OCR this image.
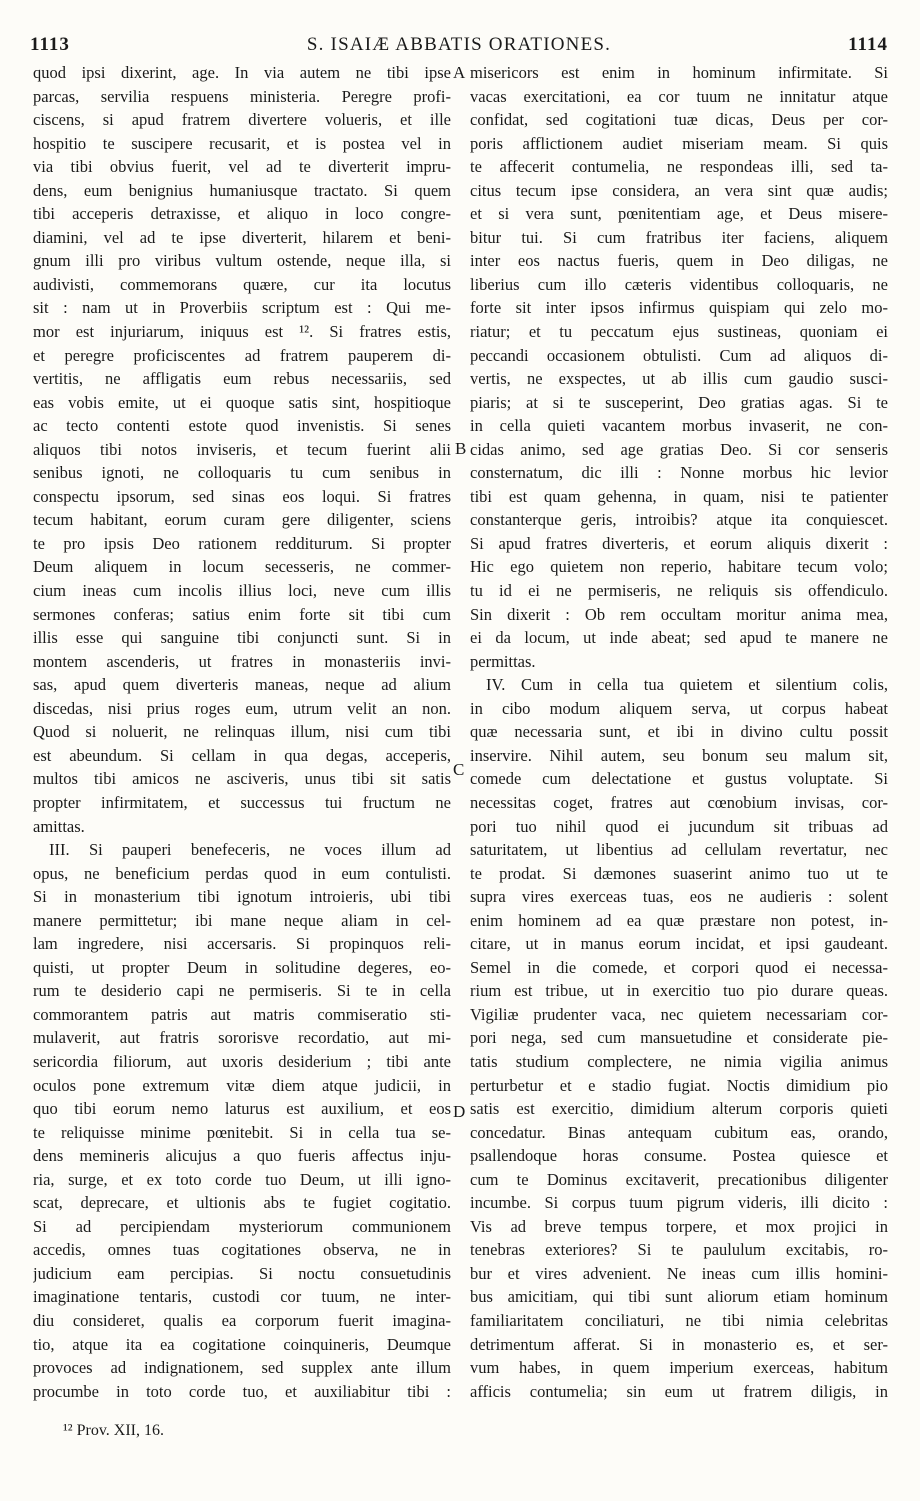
1113	S. ISAIÆ ABBATIS ORATIONES.	1114
quod ipsi dixerint, age. In via autem ne tibi ipse
parcas, servilia respuens ministeria. Peregre profi-
ciscens, si apud fratrem divertere volueris, et ille
hospitio te suscipere recusarit, et is postea vel in
via tibi obvius fuerit, vel ad te diverterit impru-
dens, eum benignius humaniusque tractato. Si quem
tibi acceperis detraxisse, et aliquo in loco congre-
diamini, vel ad te ipse diverterit, hilarem et beni-
gnum illi pro viribus vultum ostende, neque illa, si
audivisti, commemorans quære, cur ita locutus
sit : nam ut in Proverbiis scriptum est : Qui me-
mor est injuriarum, iniquus est ¹². Si fratres estis,
et peregre proficiscentes ad fratrem pauperem di-
vertitis, ne affligatis eum rebus necessariis, sed
eas vobis emite, ut ei quoque satis sint, hospitioque
ac tecto contenti estote quod invenistis. Si senes
aliquos tibi notos inviseris, et tecum fuerint alii
senibus ignoti, ne colloquaris tu cum senibus in
conspectu ipsorum, sed sinas eos loqui. Si fratres
tecum habitant, eorum curam gere diligenter, sciens
te pro ipsis Deo rationem redditurum. Si propter
Deum aliquem in locum secesseris, ne commer-
cium ineas cum incolis illius loci, neve cum illis
sermones conferas; satius enim forte sit tibi cum
illis esse qui sanguine tibi conjuncti sunt. Si in
montem ascenderis, ut fratres in monasteriis invi-
sas, apud quem diverteris maneas, neque ad alium
discedas, nisi prius roges eum, utrum velit an non.
Quod si noluerit, ne relinquas illum, nisi cum tibi
est abeundum. Si cellam in qua degas, acceperis,
multos tibi amicos ne asciveris, unus tibi sit satis
propter infirmitatem, et successus tui fructum ne
amittas.
III. Si pauperi benefeceris, ne voces illum ad
opus, ne beneficium perdas quod in eum contulisti.
Si in monasterium tibi ignotum introieris, ubi tibi
manere permittetur; ibi mane neque aliam in cel-
lam ingredere, nisi accersaris. Si propinquos reli-
quisti, ut propter Deum in solitudine degeres, eo-
rum te desiderio capi ne permiseris. Si te in cella
commorantem patris aut matris commiseratio sti-
mulaverit, aut fratris sororisve recordatio, aut mi-
sericordia filiorum, aut uxoris desiderium ; tibi ante
oculos pone extremum vitæ diem atque judicii, in
quo tibi eorum nemo laturus est auxilium, et eos
te reliquisse minime pœnitebit. Si in cella tua se-
dens memineris alicujus a quo fueris affectus inju-
ria, surge, et ex toto corde tuo Deum, ut illi igno-
scat, deprecare, et ultionis abs te fugiet cogitatio.
Si ad percipiendam mysteriorum communionem
accedis, omnes tuas cogitationes observa, ne in
judicium eam percipias. Si noctu consuetudinis
imaginatione tentaris, custodi cor tuum, ne inter-
diu consideret, qualis ea corporum fuerit imagina-
tio, atque ita ea cogitatione coinquineris, Deumque
provoces ad indignationem, sed supplex ante illum
procumbe in toto corde tuo, et auxiliabitur tibi :
misericors est enim in hominum infirmitate. Si
vacas exercitationi, ea cor tuum ne innitatur atque
confidat, sed cogitationi tuæ dicas, Deus per cor-
poris afflictionem audiet miseriam meam. Si quis
te affecerit contumelia, ne respondeas illi, sed ta-
citus tecum ipse considera, an vera sint quæ audis;
et si vera sunt, pœnitentiam age, et Deus misere-
bitur tui. Si cum fratribus iter faciens, aliquem
inter eos nactus fueris, quem in Deo diligas, ne
liberius cum illo cæteris videntibus colloquaris, ne
forte sit inter ipsos infirmus quispiam qui zelo mo-
riatur; et tu peccatum ejus sustineas, quoniam ei
peccandi occasionem obtulisti. Cum ad aliquos di-
vertis, ne exspectes, ut ab illis cum gaudio susci-
piaris; at si te susceperint, Deo gratias agas. Si te
in cella quieti vacantem morbus invaserit, ne con-
cidas animo, sed age gratias Deo. Si cor senseris
consternatum, dic illi : Nonne morbus hic levior
tibi est quam gehenna, in quam, nisi te patienter
constanterque geris, introibis? atque ita conquiescet.
Si apud fratres diverteris, et eorum aliquis dixerit :
Hic ego quietem non reperio, habitare tecum volo;
tu id ei ne permiseris, ne reliquis sis offendiculo.
Sin dixerit : Ob rem occultam moritur anima mea,
ei da locum, ut inde abeat; sed apud te manere ne
permittas.
IV. Cum in cella tua quietem et silentium colis,
in cibo modum aliquem serva, ut corpus habeat
quæ necessaria sunt, et ibi in divino cultu possit
inservire. Nihil autem, seu bonum seu malum sit,
comede cum delectatione et gustus voluptate. Si
necessitas coget, fratres aut cœnobium invisas, cor-
pori tuo nihil quod ei jucundum sit tribuas ad
saturitatem, ut libentius ad cellulam revertatur, nec
te prodat. Si dæmones suaserint animo tuo ut te
supra vires exerceas tuas, eos ne audieris : solent
enim hominem ad ea quæ præstare non potest, in-
citare, ut in manus eorum incidat, et ipsi gaudeant.
Semel in die comede, et corpori quod ei necessa-
rium est tribue, ut in exercitio tuo pio durare queas.
Vigiliæ prudenter vaca, nec quietem necessariam cor-
pori nega, sed cum mansuetudine et considerate pie-
tatis studium complectere, ne nimia vigilia animus
perturbetur et e stadio fugiat. Noctis dimidium pio
satis est exercitio, dimidium alterum corporis quieti
concedatur. Binas antequam cubitum eas, orando,
psallendoque horas consume. Postea quiesce et
cum te Dominus excitaverit, precationibus diligenter
incumbe. Si corpus tuum pigrum videris, illi dicito :
Vis ad breve tempus torpere, et mox projici in
tenebras exteriores? Si te paululum excitabis, ro-
bur et vires advenient. Ne ineas cum illis homini-
bus amicitiam, qui tibi sunt aliorum etiam hominum
familiaritatem conciliaturi, ne tibi nimia celebritas
detrimentum afferat. Si in monasterio es, et ser-
vum habes, in quem imperium exerceas, habitum
afficis contumelia; sin eum ut fratrem diligis, in
A
B
C
D
¹² Prov. XII, 16.
